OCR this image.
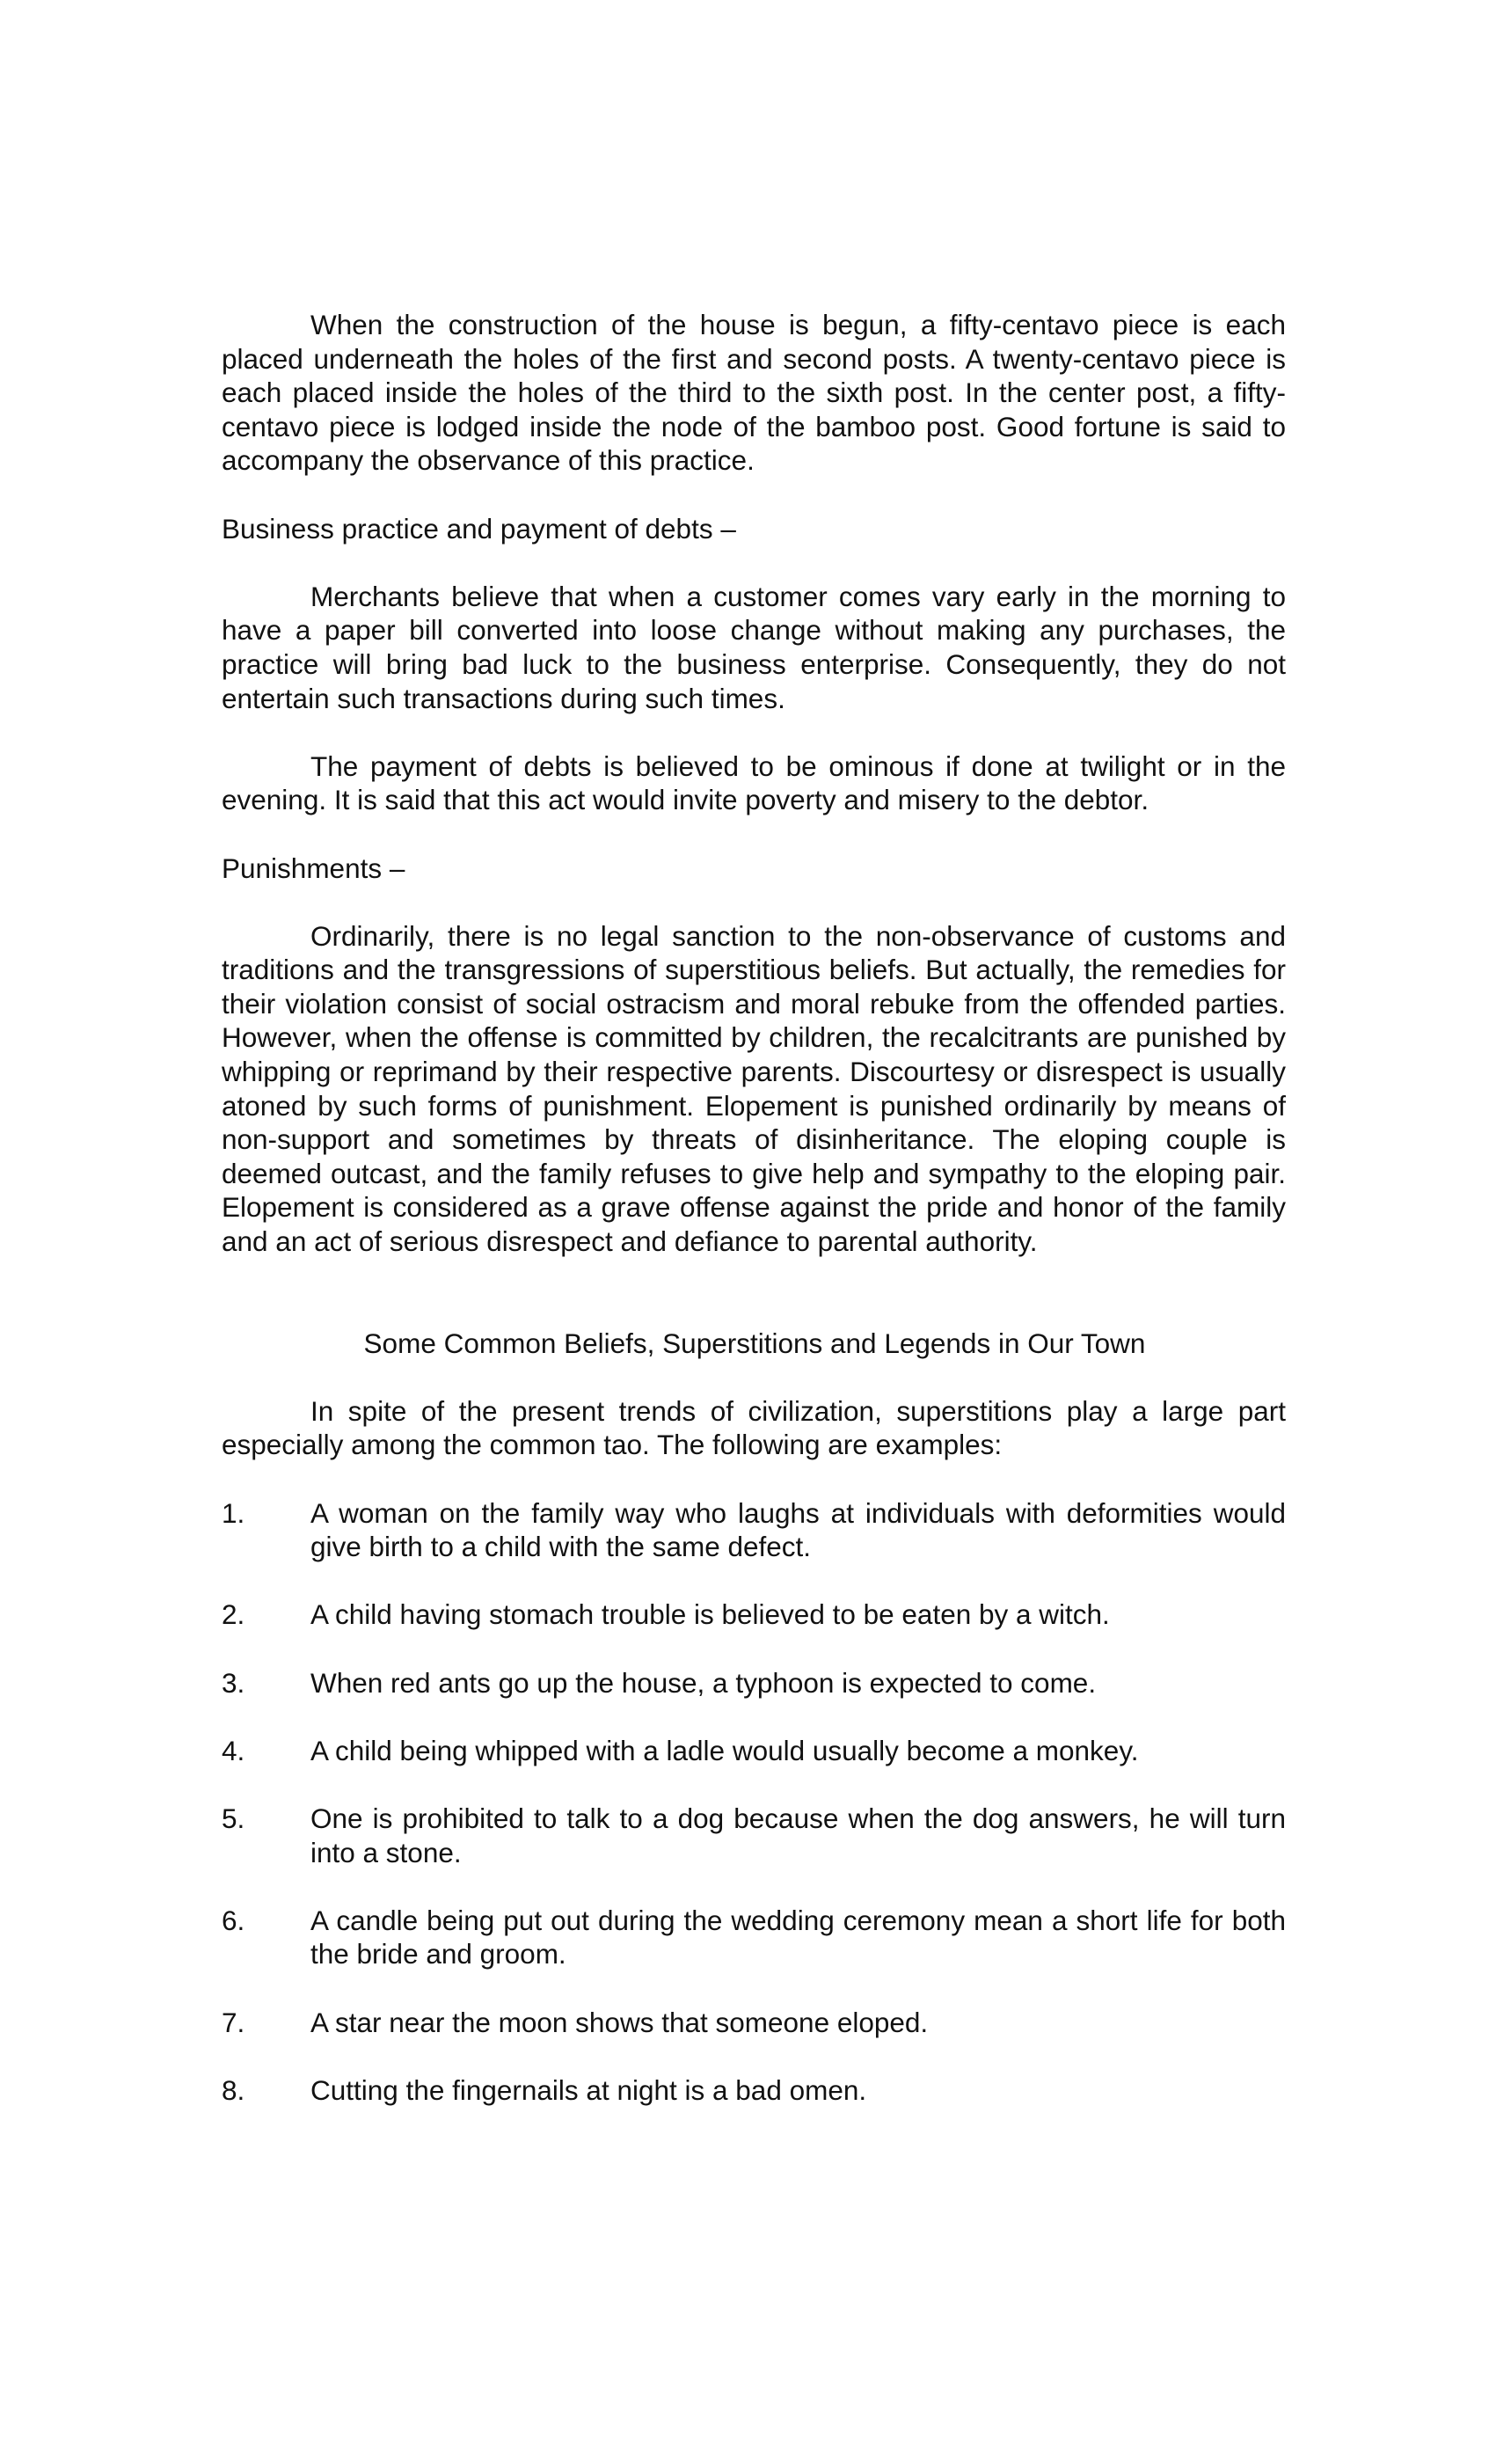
When the construction of the house is begun, a fifty-centavo piece is each placed underneath the holes of the first and second posts. A twenty-centavo piece is each placed inside the holes of the third to the sixth post. In the center post, a fifty-centavo piece is lodged inside the node of the bamboo post. Good fortune is said to accompany the observance of this practice.

Business practice and payment of debts –

Merchants believe that when a customer comes vary early in the morning to have a paper bill converted into loose change without making any purchases, the practice will bring bad luck to the business enterprise. Consequently, they do not entertain such transactions during such times.

The payment of debts is believed to be ominous if done at twilight or in the evening. It is said that this act would invite poverty and misery to the debtor.

Punishments –

Ordinarily, there is no legal sanction to the non-observance of customs and traditions and the transgressions of superstitious beliefs. But actually, the remedies for their violation consist of social ostracism and moral rebuke from the offended parties. However, when the offense is committed by children, the recalcitrants are punished by whipping or reprimand by their respective parents. Discourtesy or disrespect is usually atoned by such forms of punishment. Elopement is punished ordinarily by means of non-support and sometimes by threats of disinheritance. The eloping couple is deemed outcast, and the family refuses to give help and sympathy to the eloping pair. Elopement is considered as a grave offense against the pride and honor of the family and an act of serious disrespect and defiance to parental authority.

Some Common Beliefs, Superstitions and Legends in Our Town

In spite of the present trends of civilization, superstitions play a large part especially among the common tao. The following are examples:

1.	A woman on the family way who laughs at individuals with deformities would give birth to a child with the same defect.
2.	A child having stomach trouble is believed to be eaten by a witch.
3.	When red ants go up the house, a typhoon is expected to come.
4.	A child being whipped with a ladle would usually become a monkey.
5.	One is prohibited to talk to a dog because when the dog answers, he will turn into a stone.
6.	A candle being put out during the wedding ceremony mean a short life for both the bride and groom.
7.	A star near the moon shows that someone eloped.
8.	Cutting the fingernails at night is a bad omen.
